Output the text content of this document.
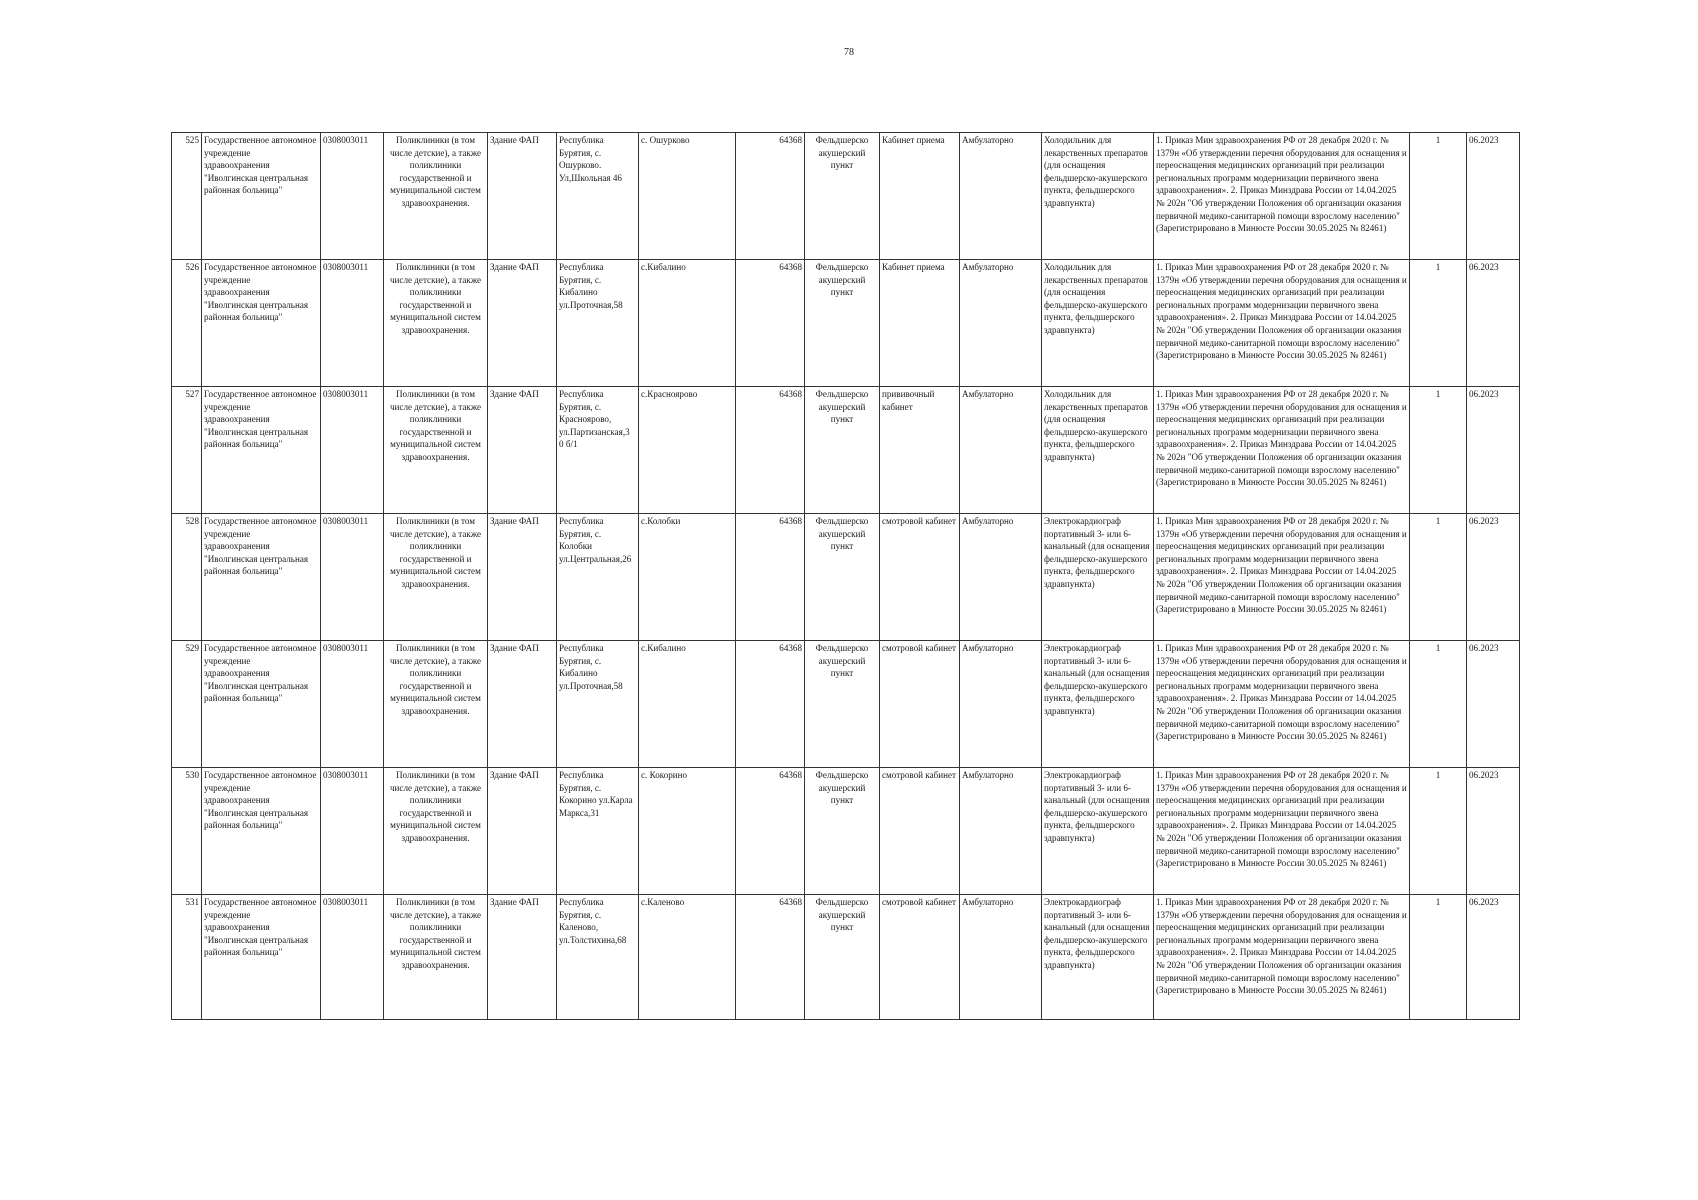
78
525	Государственное автономное учреждение здравоохранения "Иволгинская центральная районная больница"	0308003011	Поликлиники (в том числе детские), а также поликлиники государственной и муниципальной систем здравоохранения.	Здание ФАП	Республика Бурятия, с. Ошурково. Ул,Школьная 46	с. Ошурково	64368	Фельдшерско акушерский пункт	Кабинет приема	Амбулаторно	Холодильник для лекарственных препаратов (для оснащения фельдшерско-акушерского пункта, фельдшерского здравпункта)	1. Приказ Мин здравоохранения РФ от 28 декабря 2020 г. № 1379н «Об утверждении перечня оборудования для оснащения и переоснащения медицинских организаций при реализации региональных программ модернизации первичного звена здравоохранения». 2. Приказ Минздрава России от 14.04.2025 № 202н "Об утверждении Положения об организации оказания первичной медико-санитарной помощи взрослому населению" (Зарегистрировано в Минюсте России 30.05.2025 № 82461)	1	06.2023
526	Государственное автономное учреждение здравоохранения "Иволгинская центральная районная больница"	0308003011	Поликлиники (в том числе детские), а также поликлиники государственной и муниципальной систем здравоохранения.	Здание ФАП	Республика Бурятия, с. Кибалино ул.Проточная,58	с.Кибалино	64368	Фельдшерско акушерский пункт	Кабинет приема	Амбулаторно	Холодильник для лекарственных препаратов (для оснащения фельдшерско-акушерского пункта, фельдшерского здравпункта)	1. Приказ Мин здравоохранения РФ от 28 декабря 2020 г. № 1379н «Об утверждении перечня оборудования для оснащения и переоснащения медицинских организаций при реализации региональных программ модернизации первичного звена здравоохранения». 2. Приказ Минздрава России от 14.04.2025 № 202н "Об утверждении Положения об организации оказания первичной медико-санитарной помощи взрослому населению" (Зарегистрировано в Минюсте России 30.05.2025 № 82461)	1	06.2023
527	Государственное автономное учреждение здравоохранения "Иволгинская центральная районная больница"	0308003011	Поликлиники (в том числе детские), а также поликлиники государственной и муниципальной систем здравоохранения.	Здание ФАП	Республика Бурятия, с. Красноярово, ул.Партизанская,3 0 б/1	с.Красноярово	64368	Фельдшерско акушерский пункт	прививочный кабинет	Амбулаторно	Холодильник для лекарственных препаратов (для оснащения фельдшерско-акушерского пункта, фельдшерского здравпункта)	1. Приказ Мин здравоохранения РФ от 28 декабря 2020 г. № 1379н «Об утверждении перечня оборудования для оснащения и переоснащения медицинских организаций при реализации региональных программ модернизации первичного звена здравоохранения». 2. Приказ Минздрава России от 14.04.2025 № 202н "Об утверждении Положения об организации оказания первичной медико-санитарной помощи взрослому населению" (Зарегистрировано в Минюсте России 30.05.2025 № 82461)	1	06.2023
528	Государственное автономное учреждение здравоохранения "Иволгинская центральная районная больница"	0308003011	Поликлиники (в том числе детские), а также поликлиники государственной и муниципальной систем здравоохранения.	Здание ФАП	Республика Бурятия, с. Колобки ул.Центральная,26	с.Колобки	64368	Фельдшерско акушерский пункт	смотровой кабинет	Амбулаторно	Электрокардиограф портативный 3- или 6-канальный (для оснащения фельдшерско-акушерского пункта, фельдшерского здравпункта)	1. Приказ Мин здравоохранения РФ от 28 декабря 2020 г. № 1379н «Об утверждении перечня оборудования для оснащения и переоснащения медицинских организаций при реализации региональных программ модернизации первичного звена здравоохранения». 2. Приказ Минздрава России от 14.04.2025 № 202н "Об утверждении Положения об организации оказания первичной медико-санитарной помощи взрослому населению" (Зарегистрировано в Минюсте России 30.05.2025 № 82461)	1	06.2023
529	Государственное автономное учреждение здравоохранения "Иволгинская центральная районная больница"	0308003011	Поликлиники (в том числе детские), а также поликлиники государственной и муниципальной систем здравоохранения.	Здание ФАП	Республика Бурятия, с. Кибалино ул.Проточная,58	с.Кибалино	64368	Фельдшерско акушерский пункт	смотровой кабинет	Амбулаторно	Электрокардиограф портативный 3- или 6-канальный (для оснащения фельдшерско-акушерского пункта, фельдшерского здравпункта)	1. Приказ Мин здравоохранения РФ от 28 декабря 2020 г. № 1379н «Об утверждении перечня оборудования для оснащения и переоснащения медицинских организаций при реализации региональных программ модернизации первичного звена здравоохранения». 2. Приказ Минздрава России от 14.04.2025 № 202н "Об утверждении Положения об организации оказания первичной медико-санитарной помощи взрослому населению" (Зарегистрировано в Минюсте России 30.05.2025 № 82461)	1	06.2023
530	Государственное автономное учреждение здравоохранения "Иволгинская центральная районная больница"	0308003011	Поликлиники (в том числе детские), а также поликлиники государственной и муниципальной систем здравоохранения.	Здание ФАП	Республика Бурятия, с. Кокорино ул.Карла Маркса,31	с. Кокорино	64368	Фельдшерско акушерский пункт	смотровой кабинет	Амбулаторно	Электрокардиограф портативный 3- или 6-канальный (для оснащения фельдшерско-акушерского пункта, фельдшерского здравпункта)	1. Приказ Мин здравоохранения РФ от 28 декабря 2020 г. № 1379н «Об утверждении перечня оборудования для оснащения и переоснащения медицинских организаций при реализации региональных программ модернизации первичного звена здравоохранения». 2. Приказ Минздрава России от 14.04.2025 № 202н "Об утверждении Положения об организации оказания первичной медико-санитарной помощи взрослому населению" (Зарегистрировано в Минюсте России 30.05.2025 № 82461)	1	06.2023
531	Государственное автономное учреждение здравоохранения "Иволгинская центральная районная больница"	0308003011	Поликлиники (в том числе детские), а также поликлиники государственной и муниципальной систем здравоохранения.	Здание ФАП	Республика Бурятия, с. Каленово, ул.Толстихина,68	с.Каленово	64368	Фельдшерско акушерский пункт	смотровой кабинет	Амбулаторно	Электрокардиограф портативный 3- или 6-канальный (для оснащения фельдшерско-акушерского пункта, фельдшерского здравпункта)	1. Приказ Мин здравоохранения РФ от 28 декабря 2020 г. № 1379н «Об утверждении перечня оборудования для оснащения и переоснащения медицинских организаций при реализации региональных программ модернизации первичного звена здравоохранения». 2. Приказ Минздрава России от 14.04.2025 № 202н "Об утверждении Положения об организации оказания первичной медико-санитарной помощи взрослому населению" (Зарегистрировано в Минюсте России 30.05.2025 № 82461)	1	06.2023
